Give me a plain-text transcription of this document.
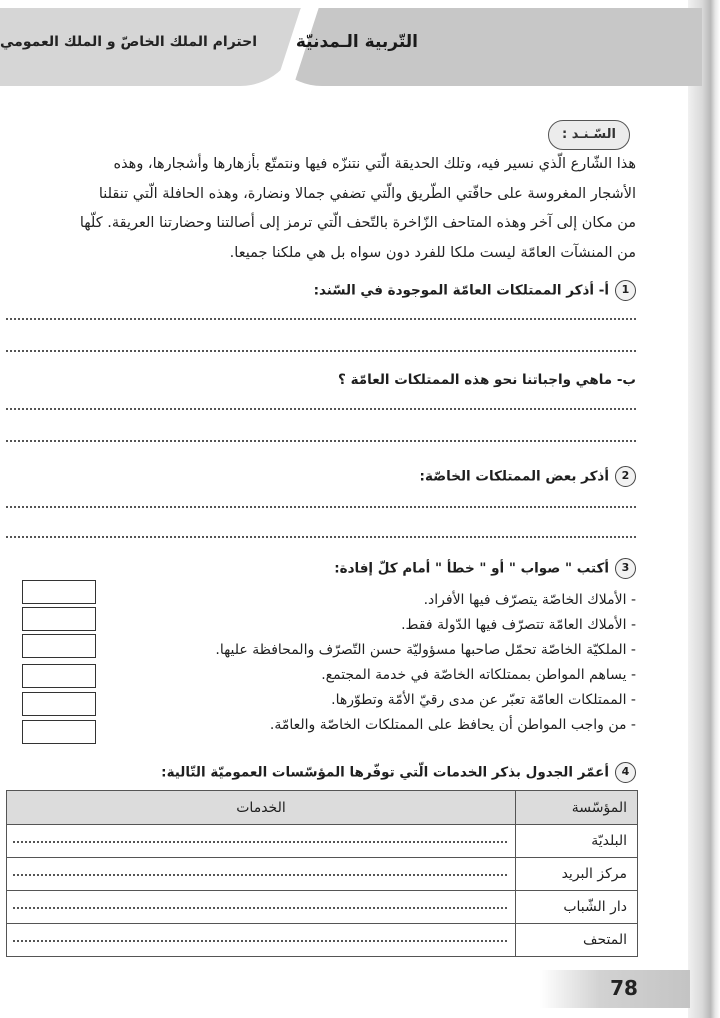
التّربية الـمدنيّة
احترام الملك الخاصّ و الملك العمومي
السّـنـد :

هذا الشّارع الّذي نسير فيه، وتلك الحديقة الّتي نتنزّه فيها ونتمتّع بأزهارها وأشجارها، وهذه

الأشجار المغروسة على حافّتي الطّريق والّتي تضفي جمالا ونضارة، وهذه الحافلة الّتي تنقلنا

من مكان إلى آخر وهذه المتاحف الزّاخرة بالتّحف الّتي ترمز إلى أصالتنا وحضارتنا العريقة. كلّها

من المنشآت العامّة ليست ملكا للفرد دون سواه بل هي ملكنا جميعا.

1أ- أذكر الممتلكات العامّة الموجودة في السّند:
ب- ماهي واجباتنا نحو هذه الممتلكات العامّة ؟
2أذكر بعض الممتلكات الخاصّة:
3أكتب " صواب " أو " خطأ " أمام كلّ إفادة:
- الأملاك الخاصّة يتصرّف فيها الأفراد.
- الأملاك العامّة تتصرّف فيها الدّولة فقط.
- الملكيّة الخاصّة تحمّل صاحبها مسؤوليّة حسن التّصرّف والمحافظة عليها.
- يساهم المواطن بممتلكاته الخاصّة في خدمة المجتمع.
- الممتلكات العامّة تعبّر عن مدى رقيّ الأمّة وتطوّرها.
- من واجب المواطن أن يحافظ على الممتلكات الخاصّة والعامّة.
4أعمّر الجدول بذكر الخدمات الّتي توفّرها المؤسّسات العموميّة التّالية:
المؤسّسة	الخدمات
البلديّة	

مركز البريد	

دار الشّباب	

المتحف	
78
